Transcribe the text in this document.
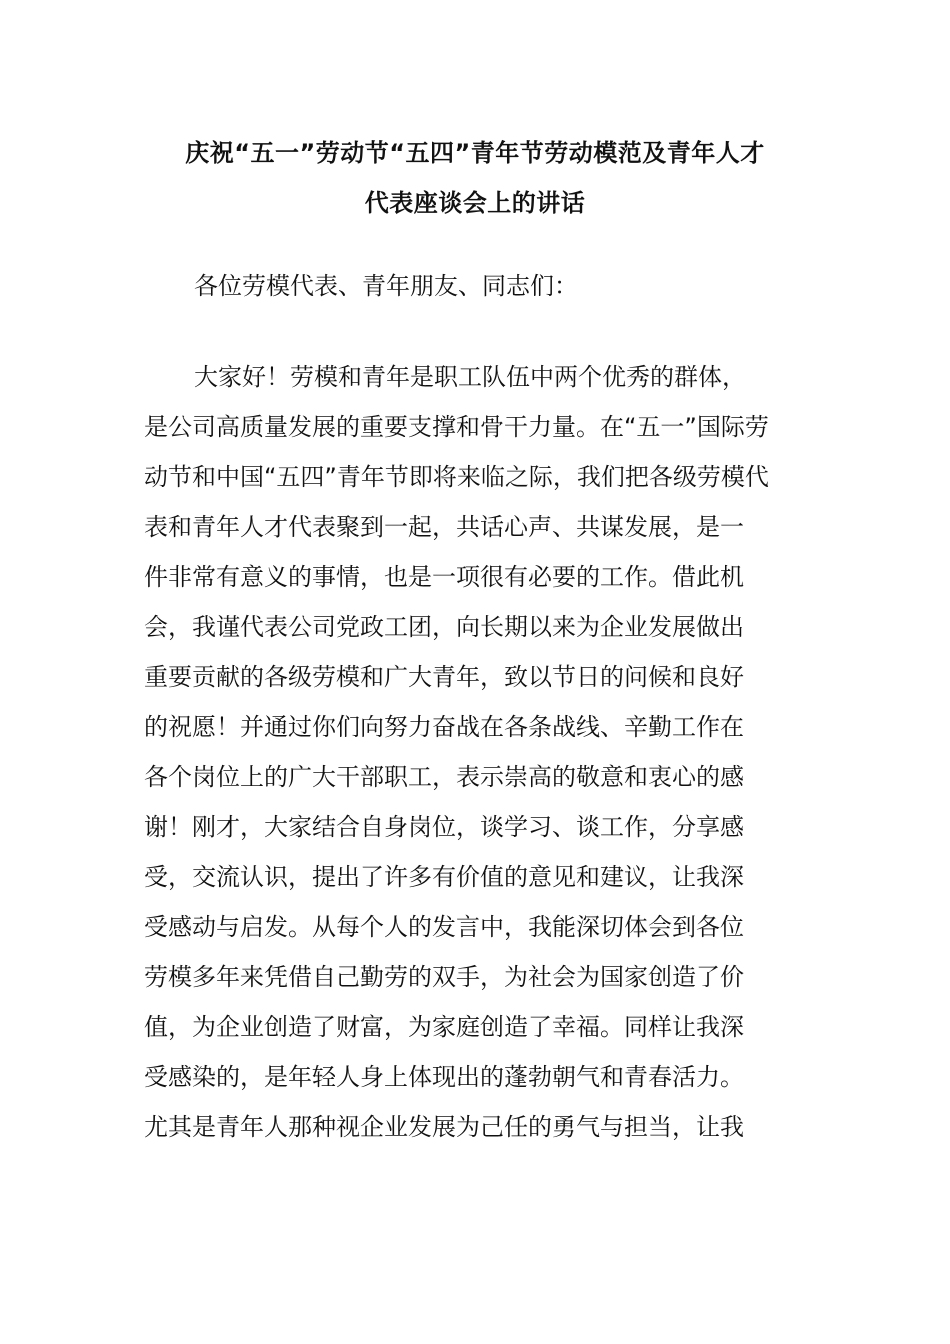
庆祝“五一”劳动节“五四”青年节劳动模范及青年人才
代表座谈会上的讲话
各位劳模代表、青年朋友、同志们：
大家好！劳模和青年是职工队伍中两个优秀的群体，
是公司高质量发展的重要支撑和骨干力量。在“五一”国际劳
动节和中国“五四”青年节即将来临之际，我们把各级劳模代
表和青年人才代表聚到一起，共话心声、共谋发展，是一
件非常有意义的事情，也是一项很有必要的工作。借此机
会，我谨代表公司党政工团，向长期以来为企业发展做出
重要贡献的各级劳模和广大青年，致以节日的问候和良好
的祝愿！并通过你们向努力奋战在各条战线、辛勤工作在
各个岗位上的广大干部职工，表示崇高的敬意和衷心的感
谢！刚才，大家结合自身岗位，谈学习、谈工作，分享感
受，交流认识，提出了许多有价值的意见和建议，让我深
受感动与启发。从每个人的发言中，我能深切体会到各位
劳模多年来凭借自己勤劳的双手，为社会为国家创造了价
值，为企业创造了财富，为家庭创造了幸福。同样让我深
受感染的，是年轻人身上体现出的蓬勃朝气和青春活力。
尤其是青年人那种视企业发展为己任的勇气与担当，让我
